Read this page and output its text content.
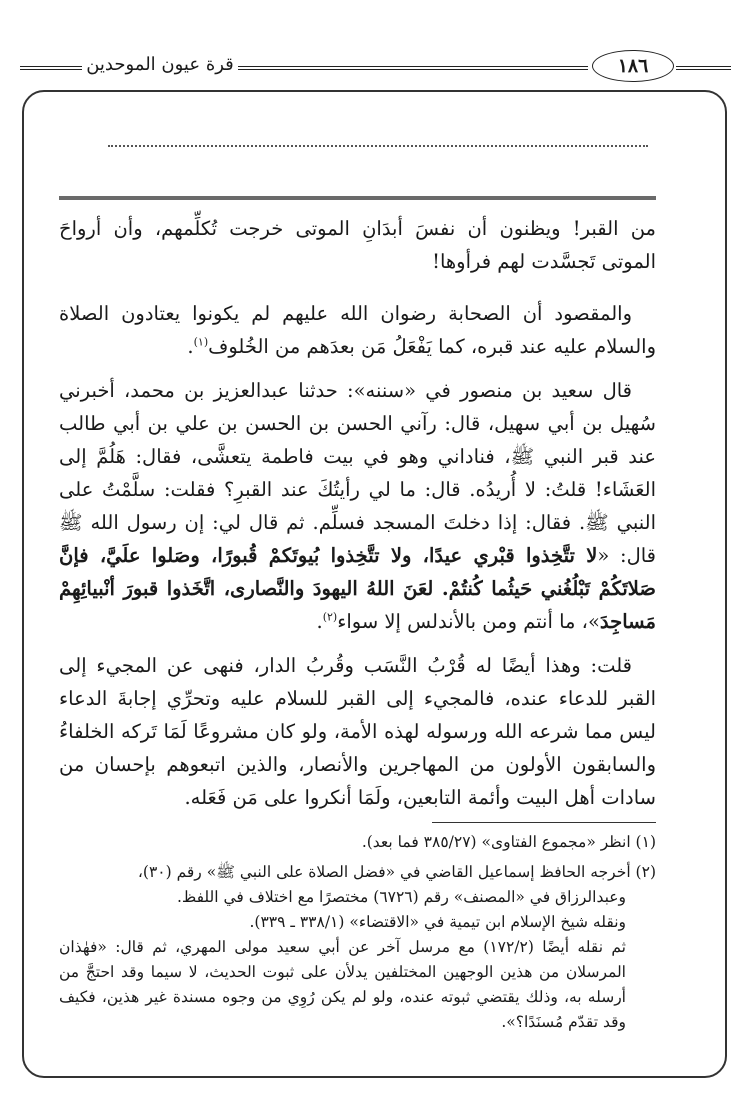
قرة عيون الموحدين	١٨٦

من القبر! ويظنون أن نفسَ أبدَانِ الموتى خرجت تُكلِّمهم، وأن أرواحَ الموتى تَجسَّدت لهم فرأوها!

والمقصود أن الصحابة رضوان الله عليهم لم يكونوا يعتادون الصلاة والسلام عليه عند قبره، كما يَفْعَلُ مَن بعدَهم من الخُلوف$^{(١)}$.

قال سعيد بن منصور في «سننه»: حدثنا عبدالعزيز بن محمد، أخبرني سُهيل بن أبي سهيل، قال: رآني الحسن بن الحسن بن علي بن أبي طالب عند قبر النبي ﷺ، فناداني وهو في بيت فاطمة يتعشَّى، فقال: هَلُمَّ إلى العَشَاء! قلتُ: لا أُريدُه. قال: ما لي رأيتُكَ عند القبرِ؟ فقلت: سلَّمْتُ على النبي ﷺ. فقال: إذا دخلتَ المسجد فسلِّم. ثم قال لي: إن رسول الله ﷺ قال: «لا تتَّخِذوا قبْري عيدًا، ولا تتَّخِذوا بُيوتَكمْ قُبورًا، وصَلوا علَيَّ، فإنَّ صَلاتَكُمْ تَبْلُغُني حَيثُما كُنتُمْ. لعَنَ اللهُ اليهودَ والنَّصارى، اتَّخَذوا قبورَ أنْبيائِهِمْ مَساجِدَ»، ما أنتم ومن بالأندلس إلا سواء$^{(٢)}$.

قلت: وهذا أيضًا له قُرْبُ النَّسَب وقُربُ الدار، فنهى عن المجيء إلى القبر للدعاء عنده، فالمجيء إلى القبر للسلام عليه وتحرِّي إجابةَ الدعاء ليس مما شرعه الله ورسوله لهذه الأمة، ولو كان مشروعًا لَمَا تَركه الخلفاءُ والسابقون الأولون من المهاجرين والأنصار، والذين اتبعوهم بإحسان من سادات أهل البيت وأئمة التابعين، ولَمَا أنكروا على مَن فَعَله.

(١) انظر «مجموع الفتاوى» (٣٨٥/٢٧ فما بعد).
(٢) أخرجه الحافظ إسماعيل القاضي في «فضل الصلاة على النبي ﷺ» رقم (٣٠)،
وعبدالرزاق في «المصنف» رقم (٦٧٢٦) مختصرًا مع اختلاف في اللفظ.
ونقله شيخ الإسلام ابن تيمية في «الاقتضاء» (٣٣٨/١ ـ ٣٣٩).
ثم نقله أيضًا (١٧٢/٢) مع مرسل آخر عن أبي سعيد مولى المهري، ثم قال: «فهٰذان المرسلان من هذين الوجهين المختلفين يدلأن على ثبوت الحديث، لا سيما وقد احتجَّ من أرسله به، وذلك يقتضي ثبوته عنده، ولو لم يكن رُوِي من وجوه مسندة غير هذين، فكيف وقد تقدّم مُسنَدًا؟».
